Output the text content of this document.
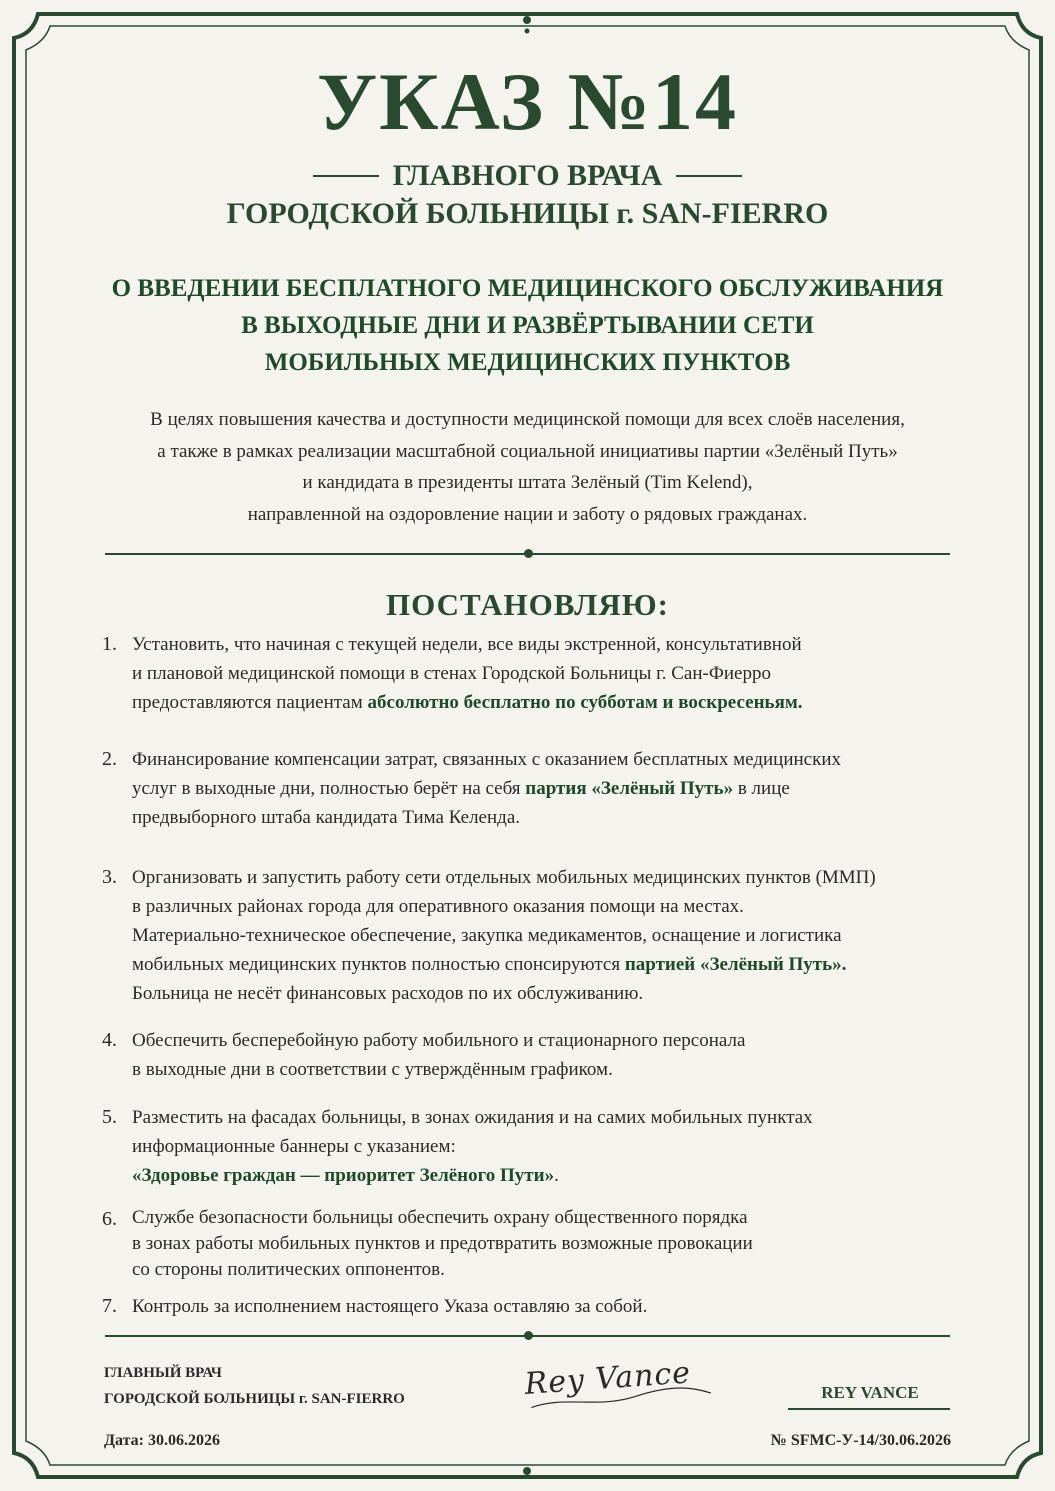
УКАЗ №14
ГЛАВНОГО ВРАЧА
ГОРОДСКОЙ БОЛЬНИЦЫ г. SAN-FIERRO
О ВВЕДЕНИИ БЕСПЛАТНОГО МЕДИЦИНСКОГО ОБСЛУЖИВАНИЯ
В ВЫХОДНЫЕ ДНИ И РАЗВЁРТЫВАНИИ СЕТИ
МОБИЛЬНЫХ МЕДИЦИНСКИХ ПУНКТОВ
В целях повышения качества и доступности медицинской помощи для всех слоёв населения,
а также в рамках реализации масштабной социальной инициативы партии «Зелёный Путь»
и кандидата в президенты штата Зелёный (Tim Kelend),
направленной на оздоровление нации и заботу о рядовых гражданах.
ПОСТАНОВЛЯЮ:
1. Установить, что начиная с текущей недели, все виды экстренной, консультативной
и плановой медицинской помощи в стенах Городской Больницы г. Сан-Фиерро
предоставляются пациентам абсолютно бесплатно по субботам и воскресеньям.
2. Финансирование компенсации затрат, связанных с оказанием бесплатных медицинских
услуг в выходные дни, полностью берёт на себя партия «Зелёный Путь» в лице
предвыборного штаба кандидата Тима Келенда.
3. Организовать и запустить работу сети отдельных мобильных медицинских пунктов (ММП)
в различных районах города для оперативного оказания помощи на местах.
Материально-техническое обеспечение, закупка медикаментов, оснащение и логистика
мобильных медицинских пунктов полностью спонсируются партией «Зелёный Путь».
Больница не несёт финансовых расходов по их обслуживанию.
4. Обеспечить бесперебойную работу мобильного и стационарного персонала
в выходные дни в соответствии с утверждённым графиком.
5. Разместить на фасадах больницы, в зонах ожидания и на самих мобильных пунктах
информационные баннеры с указанием:
«Здоровье граждан — приоритет Зелёного Пути».
6. Службе безопасности больницы обеспечить охрану общественного порядка
в зонах работы мобильных пунктов и предотвратить возможные провокации
со стороны политических оппонентов.
7. Контроль за исполнением настоящего Указа оставляю за собой.
ГЛАВНЫЙ ВРАЧ
ГОРОДСКОЙ БОЛЬНИЦЫ г. SAN-FIERRO	Rey Vance	REY VANCE
Дата: 30.06.2026	№ SFMC-У-14/30.06.2026
